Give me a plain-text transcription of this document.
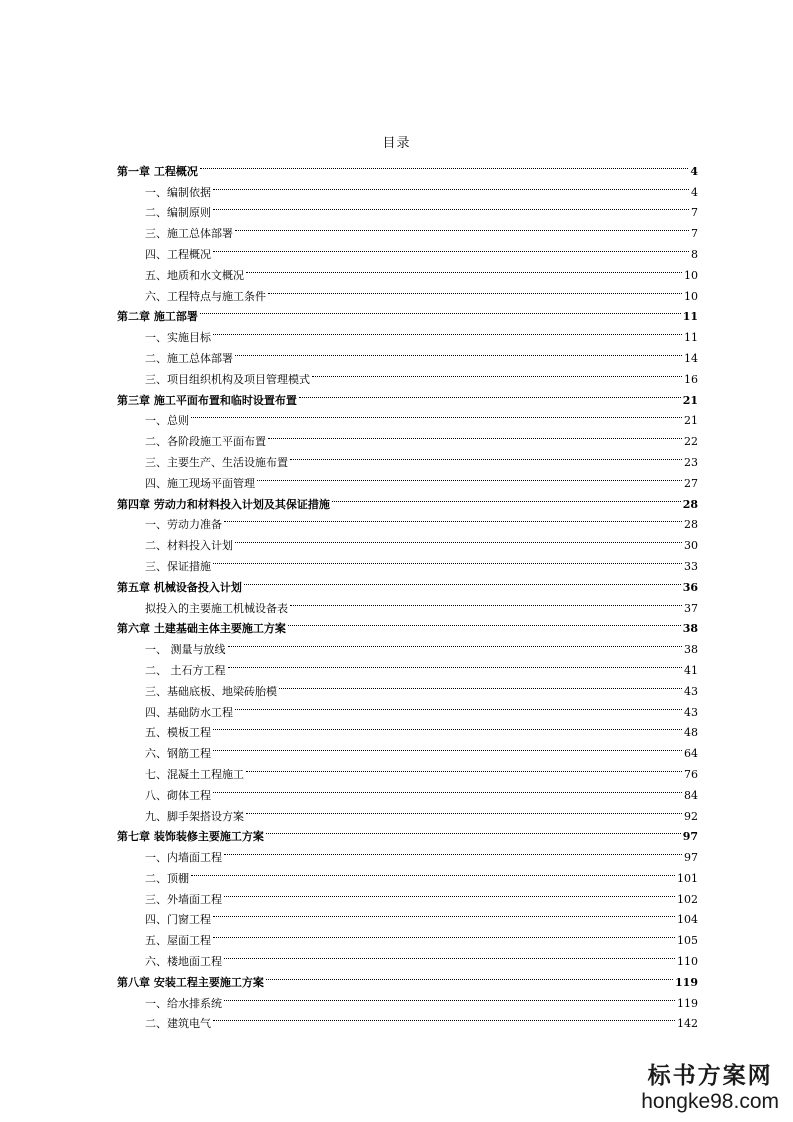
目录
第一章 工程概况	4
一、编制依据	4
二、编制原则	7
三、施工总体部署	7
四、工程概况	8
五、地质和水文概况	10
六、工程特点与施工条件	10
第二章 施工部署	11
一、实施目标	11
二、施工总体部署	14
三、项目组织机构及项目管理模式	16
第三章 施工平面布置和临时设置布置	21
一、总则	21
二、各阶段施工平面布置	22
三、主要生产、生活设施布置	23
四、施工现场平面管理	27
第四章 劳动力和材料投入计划及其保证措施	28
一、劳动力准备	28
二、材料投入计划	30
三、保证措施	33
第五章 机械设备投入计划	36
拟投入的主要施工机械设备表	37
第六章 土建基础主体主要施工方案	38
一、 测量与放线	38
二、 土石方工程	41
三、基础底板、地梁砖胎模	43
四、基础防水工程	43
五、模板工程	48
六、钢筋工程	64
七、混凝土工程施工	76
八、砌体工程	84
九、脚手架搭设方案	92
第七章 装饰装修主要施工方案	97
一、内墙面工程	97
二、顶棚	101
三、外墙面工程	102
四、门窗工程	104
五、屋面工程	105
六、楼地面工程	110
第八章 安装工程主要施工方案	119
一、给水排系统	119
二、建筑电气	142
标书方案网
hongke98.com
